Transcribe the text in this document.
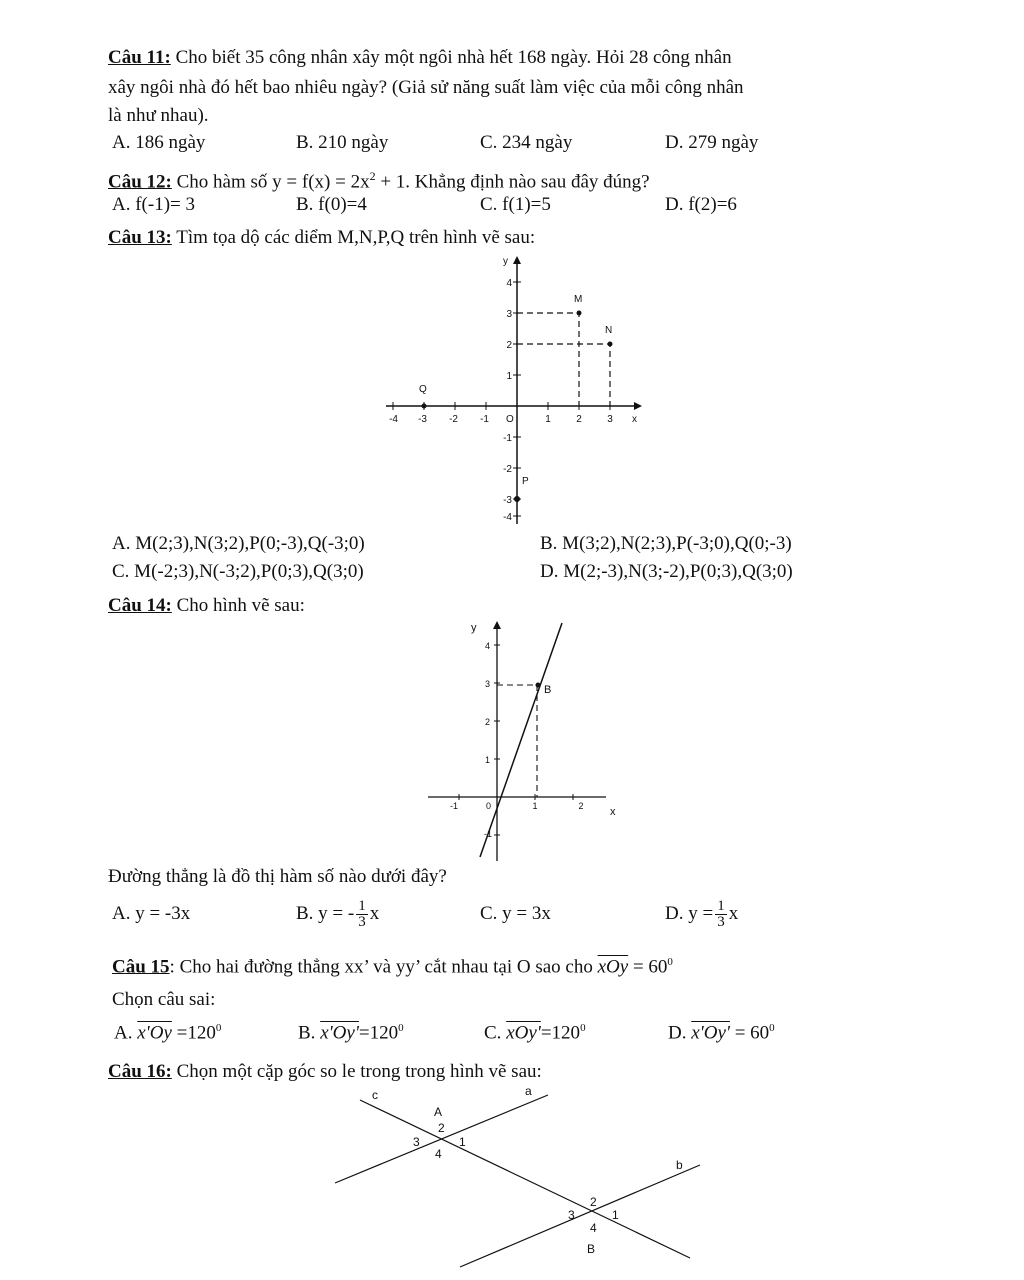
Câu 11: Cho biết 35 công nhân xây một ngôi nhà hết 168 ngày. Hỏi 28 công nhân
xây ngôi nhà đó hết bao nhiêu ngày? (Giả sử năng suất làm việc của mỗi công nhân
là như nhau).
A. 186 ngày	B. 210 ngày	C. 234 ngày	D. 279 ngày
Câu 12: Cho hàm số $y = f(x) = 2x^2 + 1$. Khẳng định nào sau đây đúng?
A. f(-1)= 3	B. f(0)=4	C. f(1)=5	D. f(2)=6
Câu 13: Tìm tọa dộ các diểm M,N,P,Q trên hình vẽ sau:
-4 -3 -2 -1	1	2	3
4
3
2
1
-1
-2
-3
-4
O	x
y
M
N
P
Q
A. M(2;3),N(3;2),P(0;-3),Q(-3;0)	B. M(3;2),N(2;3),P(-3;0),Q(0;-3)
C. M(-2;3),N(-3;2),P(0;3),Q(3;0)	D. M(2;-3),N(3;-2),P(0;3),Q(3;0)
Câu 14: Cho hình vẽ sau:
-1	1	2
4
3
2
1
-1
0	x
y
B
Đường thẳng là đồ thị hàm số nào dưới đây?
A. y = -3x	B. y = - $\frac{1}{3}$ x	C. y = 3x	D. $y = \frac{1}{3}$ x
Câu 15: Cho hai đường thẳng xx’ và yy’ cắt nhau tại O sao cho $\overline{xOy} = 60^0$
Chọn câu sai:
A. $x'Oy =120^0$	B. $x'Oy'=120^0$	C. $xOy'=120^0$	D. $x'Oy' = 60^0$
Câu 16: Chọn một cặp góc so le trong trong hình vẽ sau:
c	a
b
A
2
3	1
4
2
3	1
4
B
